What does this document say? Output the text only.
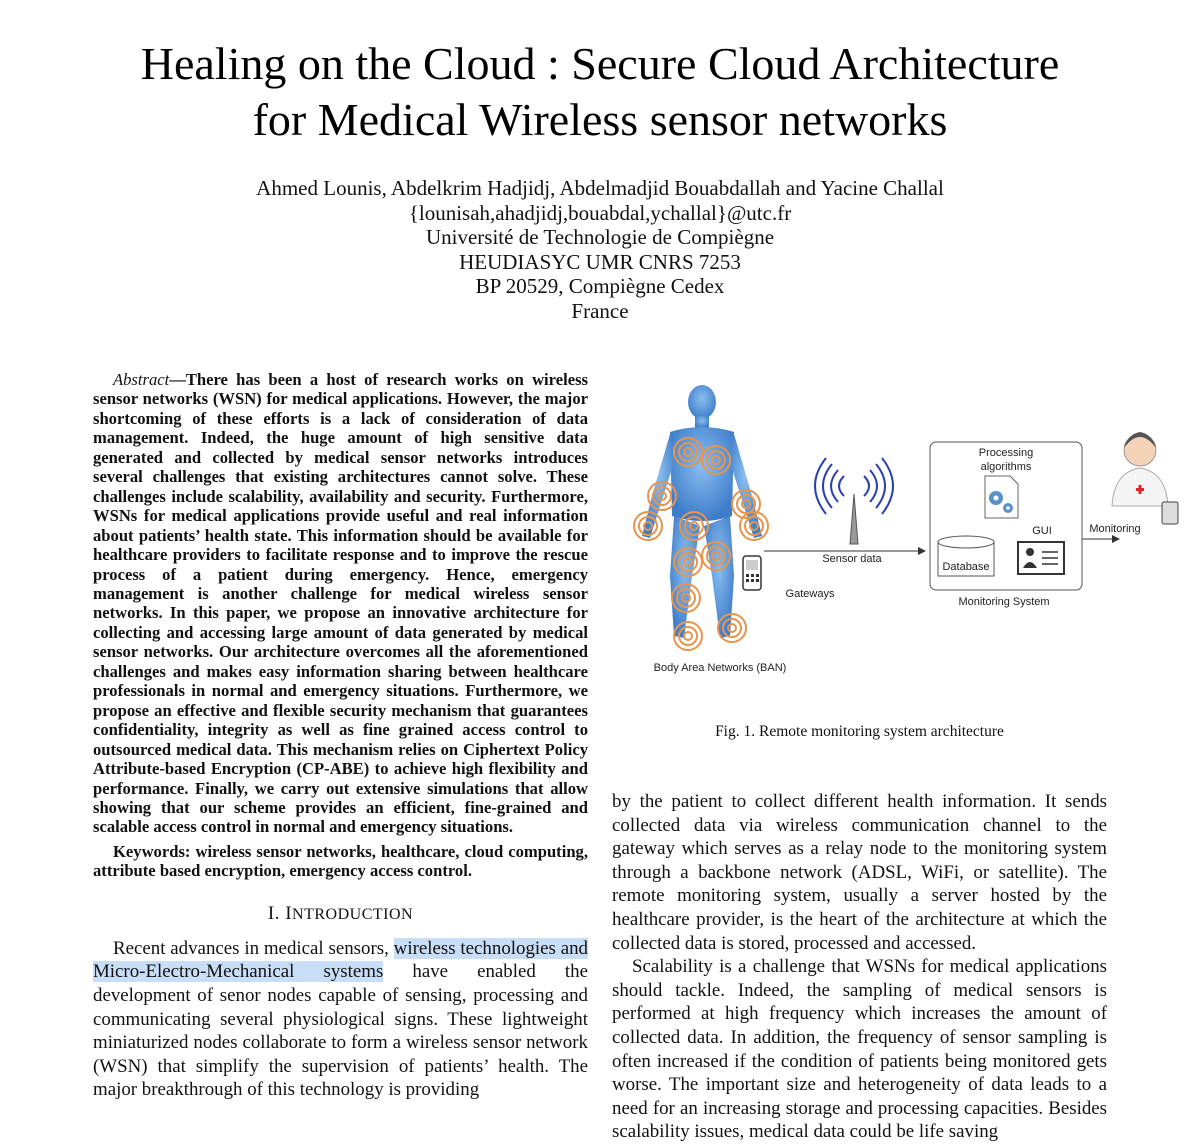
Healing on the Cloud : Secure Cloud Architecture
for Medical Wireless sensor networks
Ahmed Lounis, Abdelkrim Hadjidj, Abdelmadjid Bouabdallah and Yacine Challal
{lounisah,ahadjidj,bouabdal,ychallal}@utc.fr
Université de Technologie de Compiègne
HEUDIASYC UMR CNRS 7253
BP 20529, Compiègne Cedex
France

Abstract—There has been a host of research works on wireless sensor networks (WSN) for medical applications. However, the major shortcoming of these efforts is a lack of consideration of data management. Indeed, the huge amount of high sensitive data generated and collected by medical sensor networks introduces several challenges that existing architectures cannot solve. These challenges include scalability, availability and security. Furthermore, WSNs for medical applications provide useful and real information about patients’ health state. This information should be available for healthcare providers to facilitate response and to improve the rescue process of a patient during emergency. Hence, emergency management is another challenge for medical wireless sensor networks. In this paper, we propose an innovative architecture for collecting and accessing large amount of data generated by medical sensor networks. Our architecture overcomes all the aforementioned challenges and makes easy information sharing between healthcare professionals in normal and emergency situations. Furthermore, we propose an effective and flexible security mechanism that guarantees confidentiality, integrity as well as fine grained access control to outsourced medical data. This mechanism relies on Ciphertext Policy Attribute-based Encryption (CP-ABE) to achieve high flexibility and performance. Finally, we carry out extensive simulations that allow showing that our scheme provides an efficient, fine-grained and scalable access control in normal and emergency situations.

Keywords: wireless sensor networks, healthcare, cloud computing, attribute based encryption, emergency access control.

I. INTRODUCTION

Recent advances in medical sensors, wireless technologies and Micro-Electro-Mechanical systems have enabled the development of senor nodes capable of sensing, processing and communicating several physiological signs. These lightweight miniaturized nodes collaborate to form a wireless sensor network (WSN) that simplify the supervision of patients’ health. The major breakthrough of this technology is providing

Processing
algorithms
GUI	Monitoring
Sensor data
Database
Gateways
Monitoring System
Body Area Networks (BAN)
Fig. 1. Remote monitoring system architecture

by the patient to collect different health information. It sends collected data via wireless communication channel to the gateway which serves as a relay node to the monitoring system through a backbone network (ADSL, WiFi, or satellite). The remote monitoring system, usually a server hosted by the healthcare provider, is the heart of the architecture at which the collected data is stored, processed and accessed.

Scalability is a challenge that WSNs for medical applications should tackle. Indeed, the sampling of medical sensors is performed at high frequency which increases the amount of collected data. In addition, the frequency of sensor sampling is often increased if the condition of patients being monitored gets worse. The important size and heterogeneity of data leads to a need for an increasing storage and processing capacities. Besides scalability issues, medical data could be life saving
